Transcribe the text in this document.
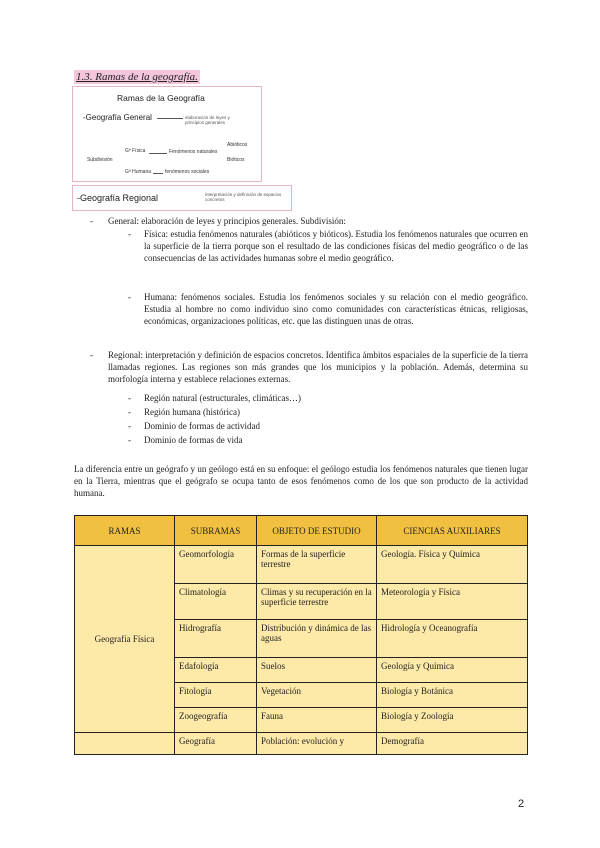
1.3. Ramas de la geografía.
Ramas de la Geografía
-Geografía General	elaboración de leyes y principios generales
Subdivisión
Gª Física	Fenómenos naturales
Abióticos
Bióticos
Gª Humana	fenómenos sociales
-Geografía Regional	interpretación y definición de espacios concretos
- General: elaboración de leyes y principios generales. Subdivisión:

- Física: estudia fenómenos naturales (abióticos y bióticos). Estudia los fenómenos naturales que ocurren en la superficie de la tierra porque son el resultado de las condiciones físicas del medio geográfico o de las consecuencias de las actividades humanas sobre el medio geográfico.

- Humana: fenómenos sociales. Estudia los fenómenos sociales y su relación con el medio geográfico. Estudia al hombre no como individuo sino como comunidades con características étnicas, religiosas, económicas, organizaciones políticas, etc. que las distinguen unas de otras.

- Regional: interpretación y definición de espacios concretos. Identifica ámbitos espaciales de la superficie de la tierra llamadas regiones. Las regiones son más grandes que los municipios y la población. Además, determina su morfología interna y establece relaciones externas.

- Región natural (estructurales, climáticas…)

- Región humana (histórica)

- Dominio de formas de actividad

- Dominio de formas de vida

La diferencia entre un geógrafo y un geólogo está en su enfoque: el geólogo estudia los fenómenos naturales que tienen lugar en la Tierra, mientras que el geógrafo se ocupa tanto de esos fenómenos como de los que son producto de la actividad humana.

RAMAS	SUBRAMAS	OBJETO DE ESTUDIO	CIENCIAS AUXILIARES
Geografía Física	Geomorfología	Formas de la superficie terrestre	Geología. Física y Química
	Climatología	Climas y su recuperación en la superficie terrestre	Meteorología y Física
	Hidrografía	Distribución y dinámica de las aguas	Hidrología y Oceanografía
	Edafología	Suelos	Geología y Química
	Fitología	Vegetación	Biología y Botánica
	Zoogeografía	Fauna	Biología y Zoología
	Geografía	Población: evolución y	Demografía
2
